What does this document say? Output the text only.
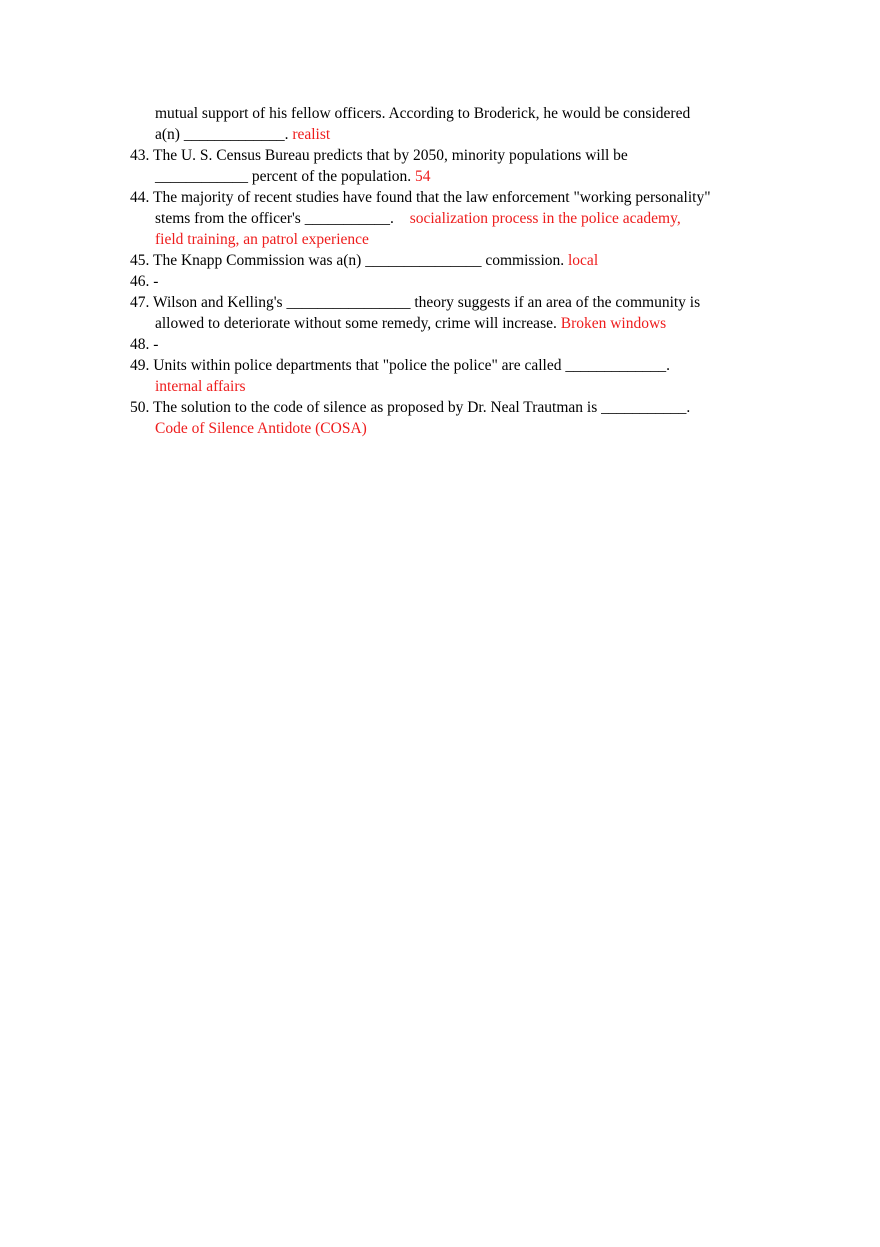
mutual support of his fellow officers. According to Broderick, he would be considered
a(n) _____________. realist
43. The U. S. Census Bureau predicts that by 2050, minority populations will be
____________ percent of the population. 54
44. The majority of recent studies have found that the law enforcement "working personality"
stems from the officer's ___________. socialization process in the police academy,
field training, an patrol experience
45. The Knapp Commission was a(n) _______________ commission. local
46. -
47. Wilson and Kelling's ________________ theory suggests if an area of the community is
allowed to deteriorate without some remedy, crime will increase. Broken windows
48. -
49. Units within police departments that "police the police" are called _____________.
internal affairs
50. The solution to the code of silence as proposed by Dr. Neal Trautman is ___________.
Code of Silence Antidote (COSA)
